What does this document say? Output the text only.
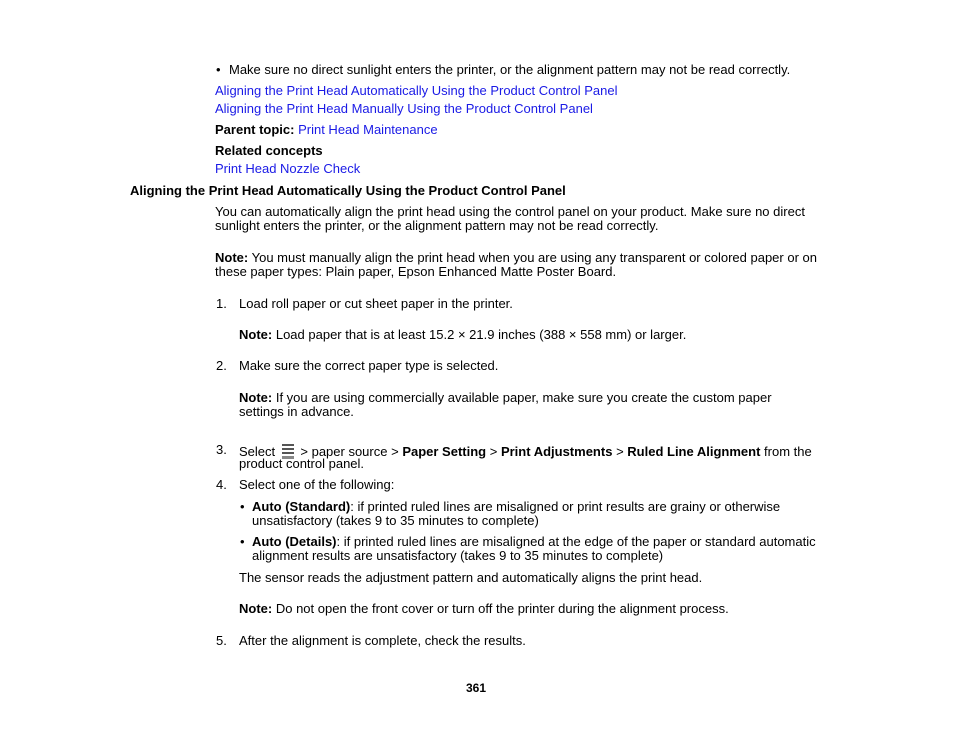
• Make sure no direct sunlight enters the printer, or the alignment pattern may not be read correctly.
Aligning the Print Head Automatically Using the Product Control Panel
Aligning the Print Head Manually Using the Product Control Panel
Parent topic: Print Head Maintenance
Related concepts
Print Head Nozzle Check
Aligning the Print Head Automatically Using the Product Control Panel
You can automatically align the print head using the control panel on your product. Make sure no direct
sunlight enters the printer, or the alignment pattern may not be read correctly.
Note: You must manually align the print head when you are using any transparent or colored paper or on
these paper types: Plain paper, Epson Enhanced Matte Poster Board.
1. Load roll paper or cut sheet paper in the printer.
Note: Load paper that is at least 15.2 × 21.9 inches (388 × 558 mm) or larger.
2. Make sure the correct paper type is selected.
Note: If you are using commercially available paper, make sure you create the custom paper
settings in advance.
3. Select > paper source > Paper Setting > Print Adjustments > Ruled Line Alignment from the
product control panel.
4. Select one of the following:
• Auto (Standard): if printed ruled lines are misaligned or print results are grainy or otherwise
unsatisfactory (takes 9 to 35 minutes to complete)
• Auto (Details): if printed ruled lines are misaligned at the edge of the paper or standard automatic
alignment results are unsatisfactory (takes 9 to 35 minutes to complete)
The sensor reads the adjustment pattern and automatically aligns the print head.
Note: Do not open the front cover or turn off the printer during the alignment process.
5. After the alignment is complete, check the results.
361
